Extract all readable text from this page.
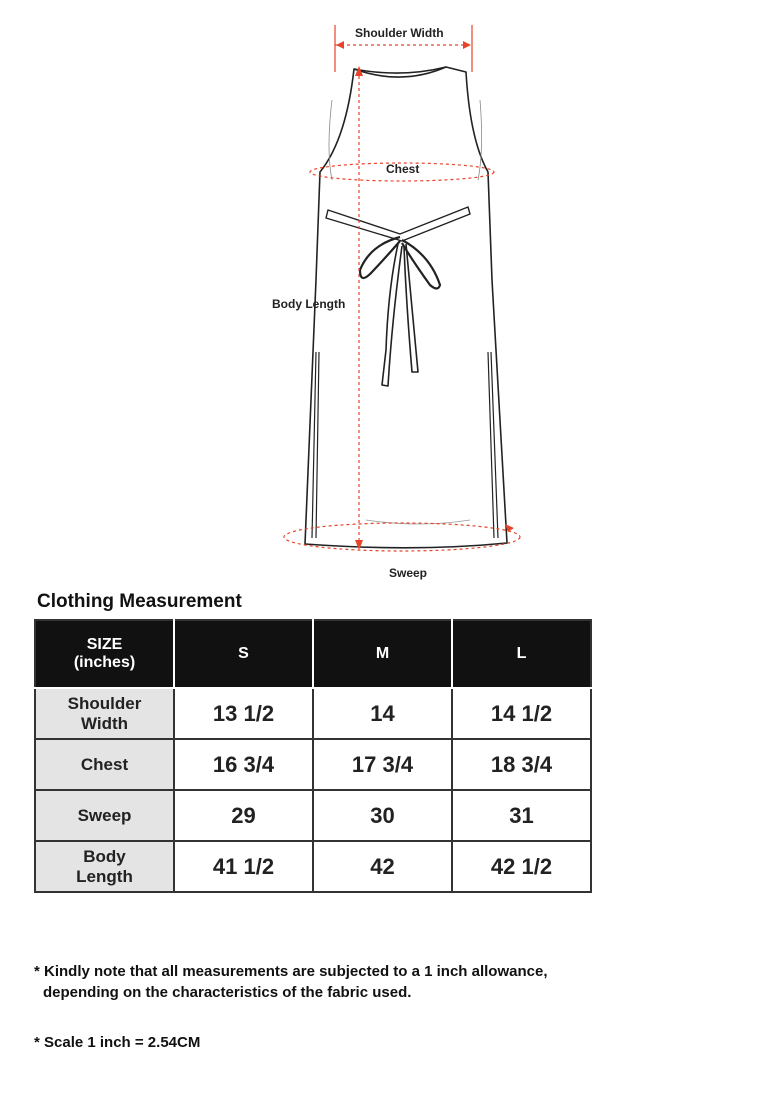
Shoulder Width
Chest
Body Length
Sweep
Clothing Measurement
SIZE
(inches)	S	M	L

Shoulder
Width	13 1/2	14	14 1/2

Chest	16 3/4	17 3/4	18 3/4

Sweep	29	30	31

Body
Length	41 1/2	42	42 1/2
* Kindly note that all measurements are subjected to a 1 inch allowance,
depending on the characteristics of the fabric used.
* Scale 1 inch = 2.54CM
